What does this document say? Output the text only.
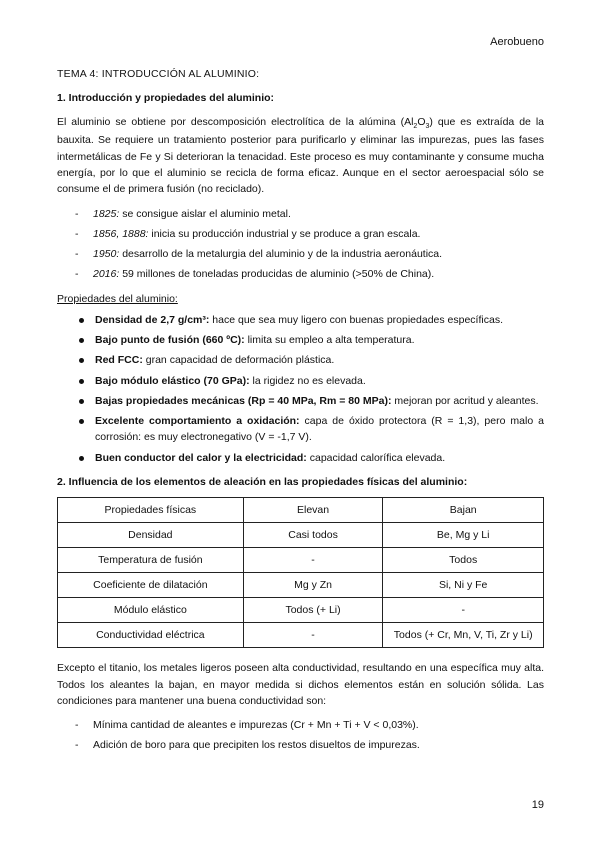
Aerobueno
TEMA 4: INTRODUCCIÓN AL ALUMINIO:
1. Introducción y propiedades del aluminio:
El aluminio se obtiene por descomposición electrolítica de la alúmina $(Al_2O_3)$ que es extraída de la bauxita. Se requiere un tratamiento posterior para purificarlo y eliminar las impurezas, pues las fases intermetálicas de Fe y Si deterioran la tenacidad. Este proceso es muy contaminante y consume mucha energía, por lo que el aluminio se recicla de forma eficaz. Aunque en el sector aeroespacial sólo se consume el de primera fusión (no reciclado).
- 1825: se consigue aislar el aluminio metal.
- 1856, 1888: inicia su producción industrial y se produce a gran escala.
- 1950: desarrollo de la metalurgia del aluminio y de la industria aeronáutica.
- 2016: 59 millones de toneladas producidas de aluminio (>50% de China).
Propiedades del aluminio:
Densidad de 2,7 g/cm³: hace que sea muy ligero con buenas propiedades específicas.
Bajo punto de fusión (660 ºC): limita su empleo a alta temperatura.
Red FCC: gran capacidad de deformación plástica.
Bajo módulo elástico (70 GPa): la rigidez no es elevada.
Bajas propiedades mecánicas (Rp = 40 MPa, Rm = 80 MPa): mejoran por acritud y aleantes.
Excelente comportamiento a oxidación: capa de óxido protectora (R = 1,3), pero malo a corrosión: es muy electronegativo (V = -1,7 V).
Buen conductor del calor y la electricidad: capacidad calorífica elevada.
2. Influencia de los elementos de aleación en las propiedades físicas del aluminio:
Propiedades físicas	Elevan	Bajan
Densidad	Casi todos	Be, Mg y Li
Temperatura de fusión	-	Todos
Coeficiente de dilatación	Mg y Zn	Si, Ni y Fe
Módulo elástico	Todos (+ Li)	-
Conductividad eléctrica	-	Todos (+ Cr, Mn, V, Ti, Zr y Li)
Excepto el titanio, los metales ligeros poseen alta conductividad, resultando en una específica muy alta. Todos los aleantes la bajan, en mayor medida si dichos elementos están en solución sólida. Las condiciones para mantener una buena conductividad son:
- Mínima cantidad de aleantes e impurezas (Cr + Mn + Ti + V < 0,03%).
- Adición de boro para que precipiten los restos disueltos de impurezas.
19
